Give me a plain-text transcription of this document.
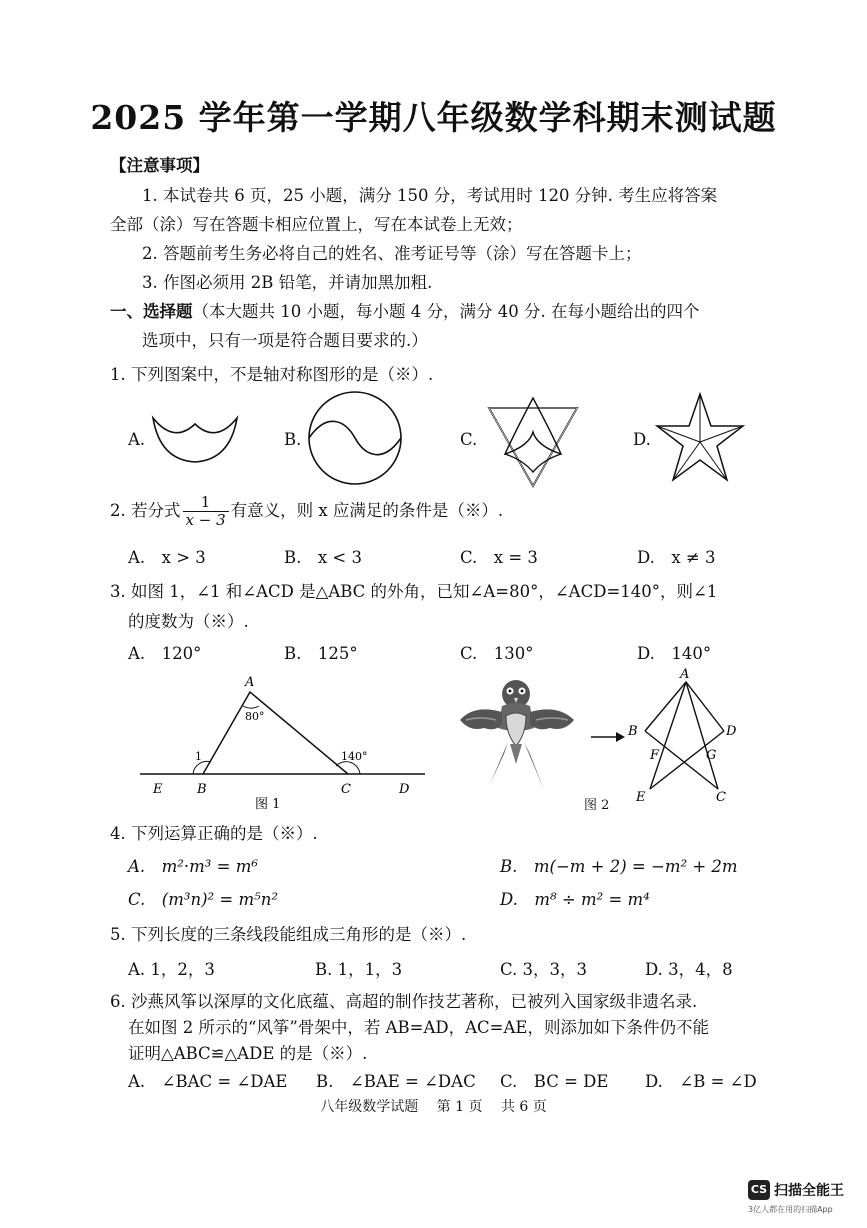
2025 学年第一学期八年级数学科期末测试题
【注意事项】
1. 本试卷共 6 页，25 小题，满分 150 分，考试用时 120 分钟. 考生应将答案
全部（涂）写在答题卡相应位置上，写在本试卷上无效；
2. 答题前考生务必将自己的姓名、准考证号等（涂）写在答题卡上；
3. 作图必须用 2B 铅笔，并请加黑加粗.
一、选择题（本大题共 10 小题，每小题 4 分，满分 40 分. 在每小题给出的四个
选项中，只有一项是符合题目要求的.）
1. 下列图案中，不是轴对称图形的是（※）.
A.	B.	C.	D.
2. 若分式 $\frac{1}{x - 3}$ 有意义，则 x 应满足的条件是（※）.
A.　x > 3	B.　x < 3	C.　x = 3	D.　x ≠ 3
3. 如图 1，∠1 和∠ACD 是△ABC 的外角，已知∠A=80°，∠ACD=140°，则∠1
的度数为（※）.
A.　120°	B.　125°	C.　130°	D.　140°
A
B	C	D
E
1
80°
140°
图 1
A
B
C
D
E
F	G
图 2
4. 下列运算正确的是（※）.
A.　m²·m³ = m⁶	B.　m(−m + 2) = −m² + 2m
C.　(m³n)² = m⁵n²	D.　m⁸ ÷ m² = m⁴
5. 下列长度的三条线段能组成三角形的是（※）.
A. 1，2，3	B. 1，1，3	C. 3，3，3	D. 3，4，8
6. 沙燕风筝以深厚的文化底蕴、高超的制作技艺著称，已被列入国家级非遗名录.
在如图 2 所示的“风筝”骨架中，若 AB=AD，AC=AE，则添加如下条件仍不能
证明△ABC≌△ADE 的是（※）.
A.　∠BAC = ∠DAE B.　∠BAE = ∠DAC C.　BC = DE D.　∠B = ∠D
八年级数学试题　 第 1 页　 共 6 页
CS 扫描全能王
3亿人都在用的扫描App
